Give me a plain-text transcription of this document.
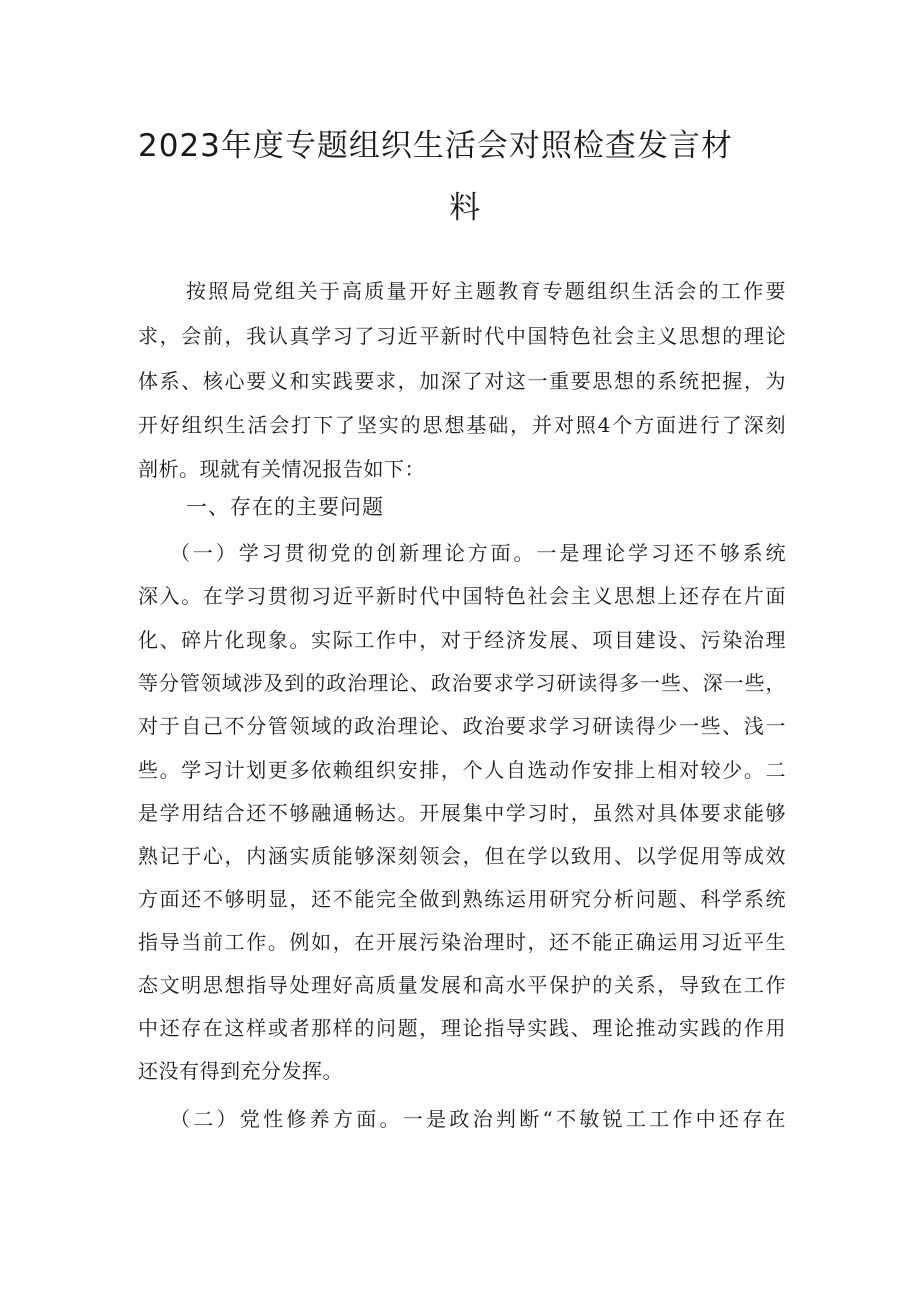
2023年度专题组织生活会对照检查发言材
料
按照局党组关于高质量开好主题教育专题组织生活会的工作要
求，会前，我认真学习了习近平新时代中国特色社会主义思想的理论
体系、核心要义和实践要求，加深了对这一重要思想的系统把握，为
开好组织生活会打下了坚实的思想基础，并对照4个方面进行了深刻
剖析。现就有关情况报告如下：
一、存在的主要问题
（一）学习贯彻党的创新理论方面。一是理论学习还不够系统
深入。在学习贯彻习近平新时代中国特色社会主义思想上还存在片面
化、碎片化现象。实际工作中，对于经济发展、项目建设、污染治理
等分管领域涉及到的政治理论、政治要求学习研读得多一些、深一些，
对于自己不分管领域的政治理论、政治要求学习研读得少一些、浅一
些。学习计划更多依赖组织安排，个人自选动作安排上相对较少。二
是学用结合还不够融通畅达。开展集中学习时，虽然对具体要求能够
熟记于心，内涵实质能够深刻领会，但在学以致用、以学促用等成效
方面还不够明显，还不能完全做到熟练运用研究分析问题、科学系统
指导当前工作。例如，在开展污染治理时，还不能正确运用习近平生
态文明思想指导处理好高质量发展和高水平保护的关系，导致在工作
中还存在这样或者那样的问题，理论指导实践、理论推动实践的作用
还没有得到充分发挥。
（二）党性修养方面。一是政治判断“不敏锐工工作中还存在
